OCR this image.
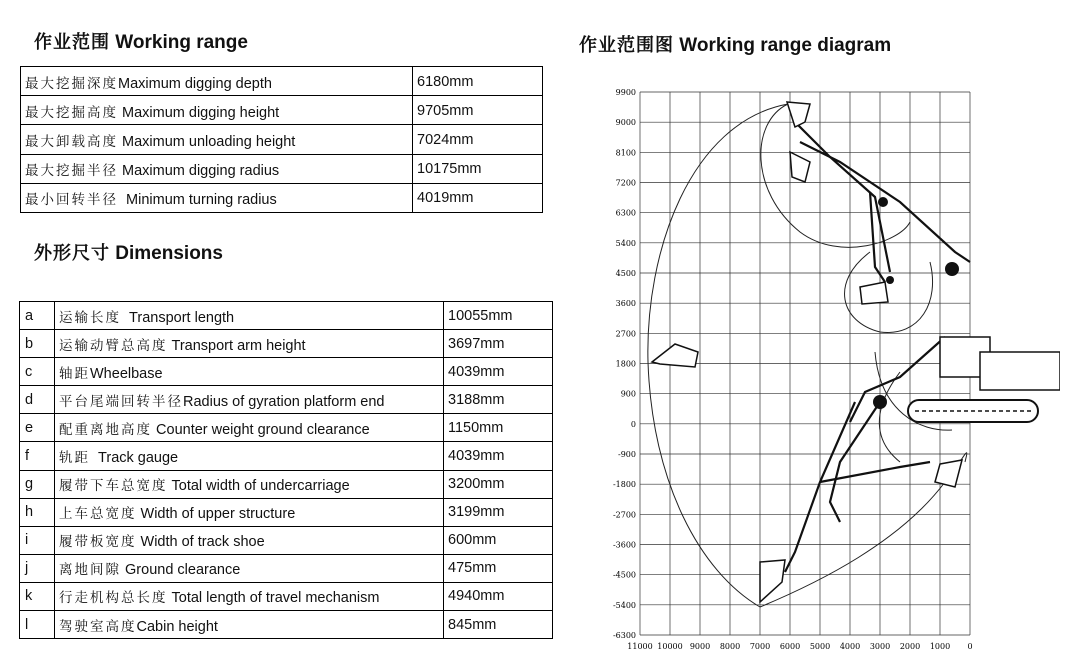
作业范围 Working range
最大挖掘深度Maximum digging depth	6180mm
最大挖掘高度 Maximum digging height	9705mm
最大卸载高度 Maximum unloading height	7024mm
最大挖掘半径 Maximum digging radius	10175mm
最小回转半径  Minimum turning radius	4019mm
外形尺寸 Dimensions
a	运输长度  Transport length	10055mm
b	运输动臂总高度 Transport arm height	3697mm
c	轴距Wheelbase	4039mm
d	平台尾端回转半径Radius of gyration platform end	3188mm
e	配重离地高度 Counter weight ground clearance	1150mm
f	轨距  Track gauge	4039mm
g	履带下车总宽度 Total width of undercarriage	3200mm
h	上车总宽度 Width of upper structure	3199mm
i	履带板宽度 Width of track shoe	600mm
j	离地间隙 Ground clearance	475mm
k	行走机构总长度 Total length of travel mechanism	4940mm
l	驾驶室高度Cabin height	845mm
作业范围图 Working range diagram
9900
9000
8100
7200
6300
5400
4500
3600
2700
1800
900
0
-900
-1800
-2700
-3600
-4500
-5400
-6300
11000 10000 9000 8000 7000 6000 5000 4000 3000 2000 1000 0
